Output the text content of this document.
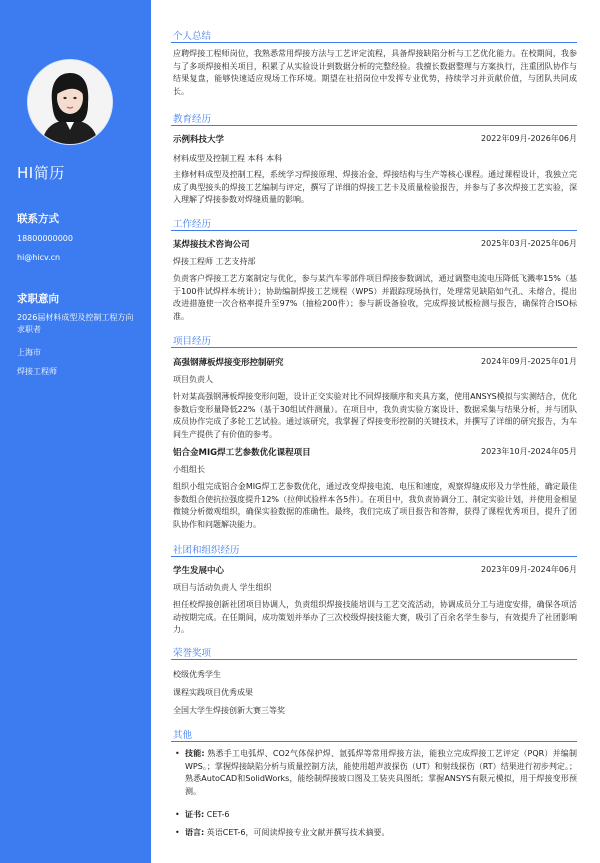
HI简历
联系方式
18800000000
hi@hicv.cn
求职意向
2026届材料成型及控制工程方向求职者
上海市
焊接工程师
个人总结
应聘焊接工程师岗位，我熟悉常用焊接方法与工艺评定流程，具备焊接缺陷分析与工艺优化能力。在校期间，我参与了多项焊接相关项目，积累了从实验设计到数据分析的完整经验。我擅长数据整理与方案执行，注重团队协作与结果复盘，能够快速适应现场工作环境。期望在社招岗位中发挥专业优势，持续学习并贡献价值，与团队共同成长。
教育经历
示例科技大学	2022年09月-2026年06月
材料成型及控制工程 本科 本科
主修材料成型及控制工程，系统学习焊接原理、焊接冶金、焊接结构与生产等核心课程。通过课程设计，我独立完成了典型接头的焊接工艺编制与评定，撰写了详细的焊接工艺卡及质量检验报告，并参与了多次焊接工艺实验，深入理解了焊接参数对焊缝质量的影响。
工作经历
某焊接技术咨询公司	2025年03月-2025年06月
焊接工程师 工艺支持部
负责客户焊接工艺方案制定与优化，参与某汽车零部件项目焊接参数调试，通过调整电流电压降低飞溅率15%（基于100件试焊样本统计）；协助编制焊接工艺规程（WPS）并跟踪现场执行，处理常见缺陷如气孔、未熔合，提出改进措施使一次合格率提升至97%（抽检200件）；参与新设备验收，完成焊接试板检测与报告，确保符合ISO标准。
项目经历
高强钢薄板焊接变形控制研究	2024年09月-2025年01月
项目负责人
针对某高强钢薄板焊接变形问题，设计正交实验对比不同焊接顺序和夹具方案，使用ANSYS模拟与实测结合，优化参数后变形量降低22%（基于30组试件测量）。在项目中，我负责实验方案设计、数据采集与结果分析，并与团队成员协作完成了多轮工艺试验。通过该研究，我掌握了焊接变形控制的关键技术，并撰写了详细的研究报告，为车间生产提供了有价值的参考。
铝合金MIG焊工艺参数优化课程项目	2023年10月-2024年05月
小组组长
组织小组完成铝合金MIG焊工艺参数优化，通过改变焊接电流、电压和速度，观察焊缝成形及力学性能，确定最佳参数组合使抗拉强度提升12%（拉伸试验样本各5件）。在项目中，我负责协调分工、制定实验计划，并使用金相显微镜分析微观组织，确保实验数据的准确性。最终，我们完成了项目报告和答辩，获得了课程优秀项目，提升了团队协作和问题解决能力。
社团和组织经历
学生发展中心	2023年09月-2024年06月
项目与活动负责人 学生组织
担任校焊接创新社团项目协调人，负责组织焊接技能培训与工艺交流活动，协调成员分工与进度安排，确保各项活动按期完成。在任期间，成功策划并举办了三次校级焊接技能大赛，吸引了百余名学生参与，有效提升了社团影响力。
荣誉奖项
校级优秀学生
课程实践项目优秀成果
全国大学生焊接创新大赛三等奖
其他
• 技能: 熟悉手工电弧焊、CO2气体保护焊、氩弧焊等常用焊接方法，能独立完成焊接工艺评定（PQR）并编制WPS。；掌握焊接缺陷分析与质量控制方法，能使用超声波探伤（UT）和射线探伤（RT）结果进行初步判定。；熟悉AutoCAD和SolidWorks，能绘制焊接坡口图及工装夹具图纸；掌握ANSYS有限元模拟，用于焊接变形预测。
• 证书: CET-6
• 语言: 英语CET-6，可阅读焊接专业文献并撰写技术摘要。
